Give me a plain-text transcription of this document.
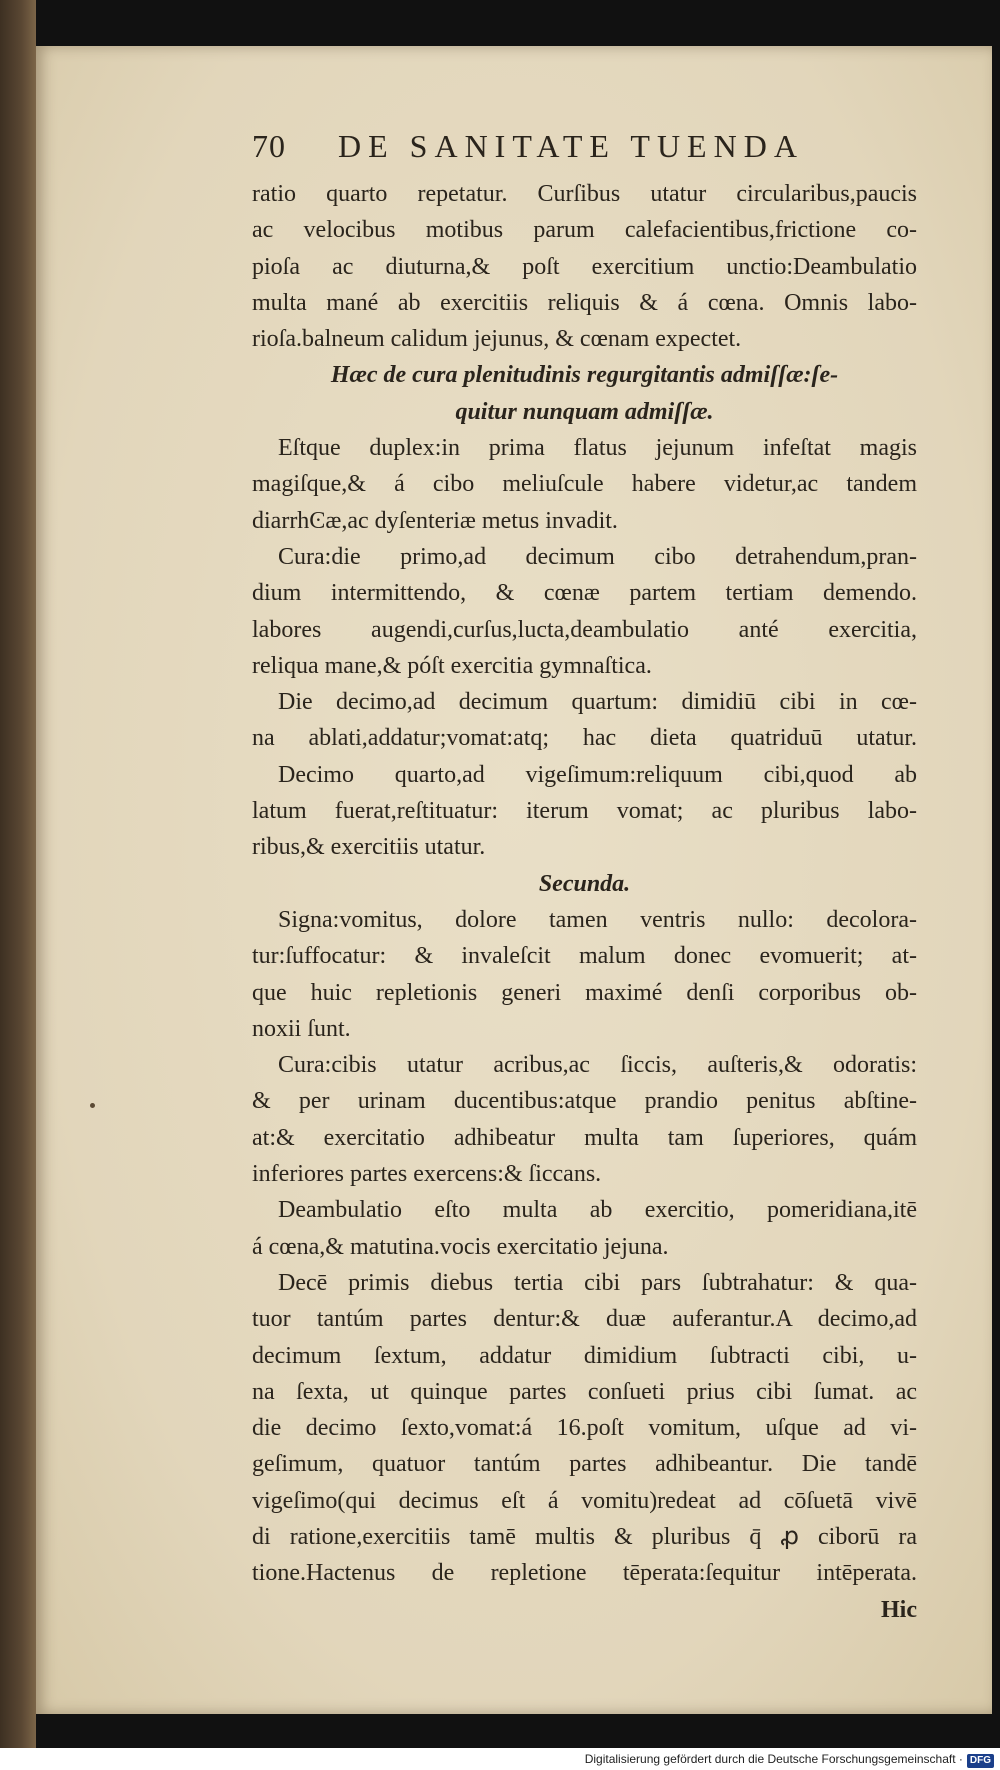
70 DE SANITATE TUENDA
ratio quarto repetatur. Curſibus utatur circularibus,paucis
ac velocibus motibus parum calefacientibus,frictione co-
pioſa ac diuturna,& poſt exercitium unctio:Deambulatio
multa mané ab exercitiis reliquis & á cœna. Omnis labo-
rioſa.balneum calidum jejunus, & cœnam expectet.
Hæc de cura plenitudinis regurgitantis admiſſæ:ſe-
quitur nunquam admiſſæ.
Eſtque duplex:in prima flatus jejunum infeſtat magis
magiſque,& á cibo meliuſcule habere videtur,ac tandem
diarrhϾæ,ac dyſenteriæ metus invadit.
Cura:die primo,ad decimum cibo detrahendum,pran-
dium intermittendo, & cœnæ partem tertiam demendo.
labores augendi,curſus,lucta,deambulatio anté exercitia,
reliqua mane,& póſt exercitia gymnaſtica.
Die decimo,ad decimum quartum: dimidiū cibi in cœ-
na ablati,addatur;vomat:atq; hac dieta quatriduū utatur.
Decimo quarto,ad vigeſimum:reliquum cibi,quod ab
latum fuerat,reſtituatur: iterum vomat; ac pluribus labo-
ribus,& exercitiis utatur.
Secunda.
Signa:vomitus, dolore tamen ventris nullo: decolora-
tur:ſuffocatur: & invaleſcit malum donec evomuerit; at-
que huic repletionis generi maximé denſi corporibus ob-
noxii ſunt.
Cura:cibis utatur acribus,ac ſiccis, auſteris,& odoratis:
& per urinam ducentibus:atque prandio penitus abſtine-
at:& exercitatio adhibeatur multa tam ſuperiores, quám
inferiores partes exercens:& ſiccans.
Deambulatio eſto multa ab exercitio, pomeridiana,itē
á cœna,& matutina.vocis exercitatio jejuna.
Decē primis diebus tertia cibi pars ſubtrahatur: & qua-
tuor tantúm partes dentur:& duæ auferantur.A decimo,ad
decimum ſextum, addatur dimidium ſubtracti cibi, u-
na ſexta, ut quinque partes conſueti prius cibi ſumat. ac
die decimo ſexto,vomat:á 16.poſt vomitum, uſque ad vi-
geſimum, quatuor tantúm partes adhibeantur. Die tandē
vigeſimo(qui decimus eſt á vomitu)redeat ad cōſuetā vivē
di ratione,exercitiis tamē multis & pluribus q̄ ꝓ ciborū ra
tione.Hactenus de repletione tēperata:ſequitur intēperata.
Hic
Digitalisierung gefördert durch die Deutsche Forschungsgemeinschaft · DFG
